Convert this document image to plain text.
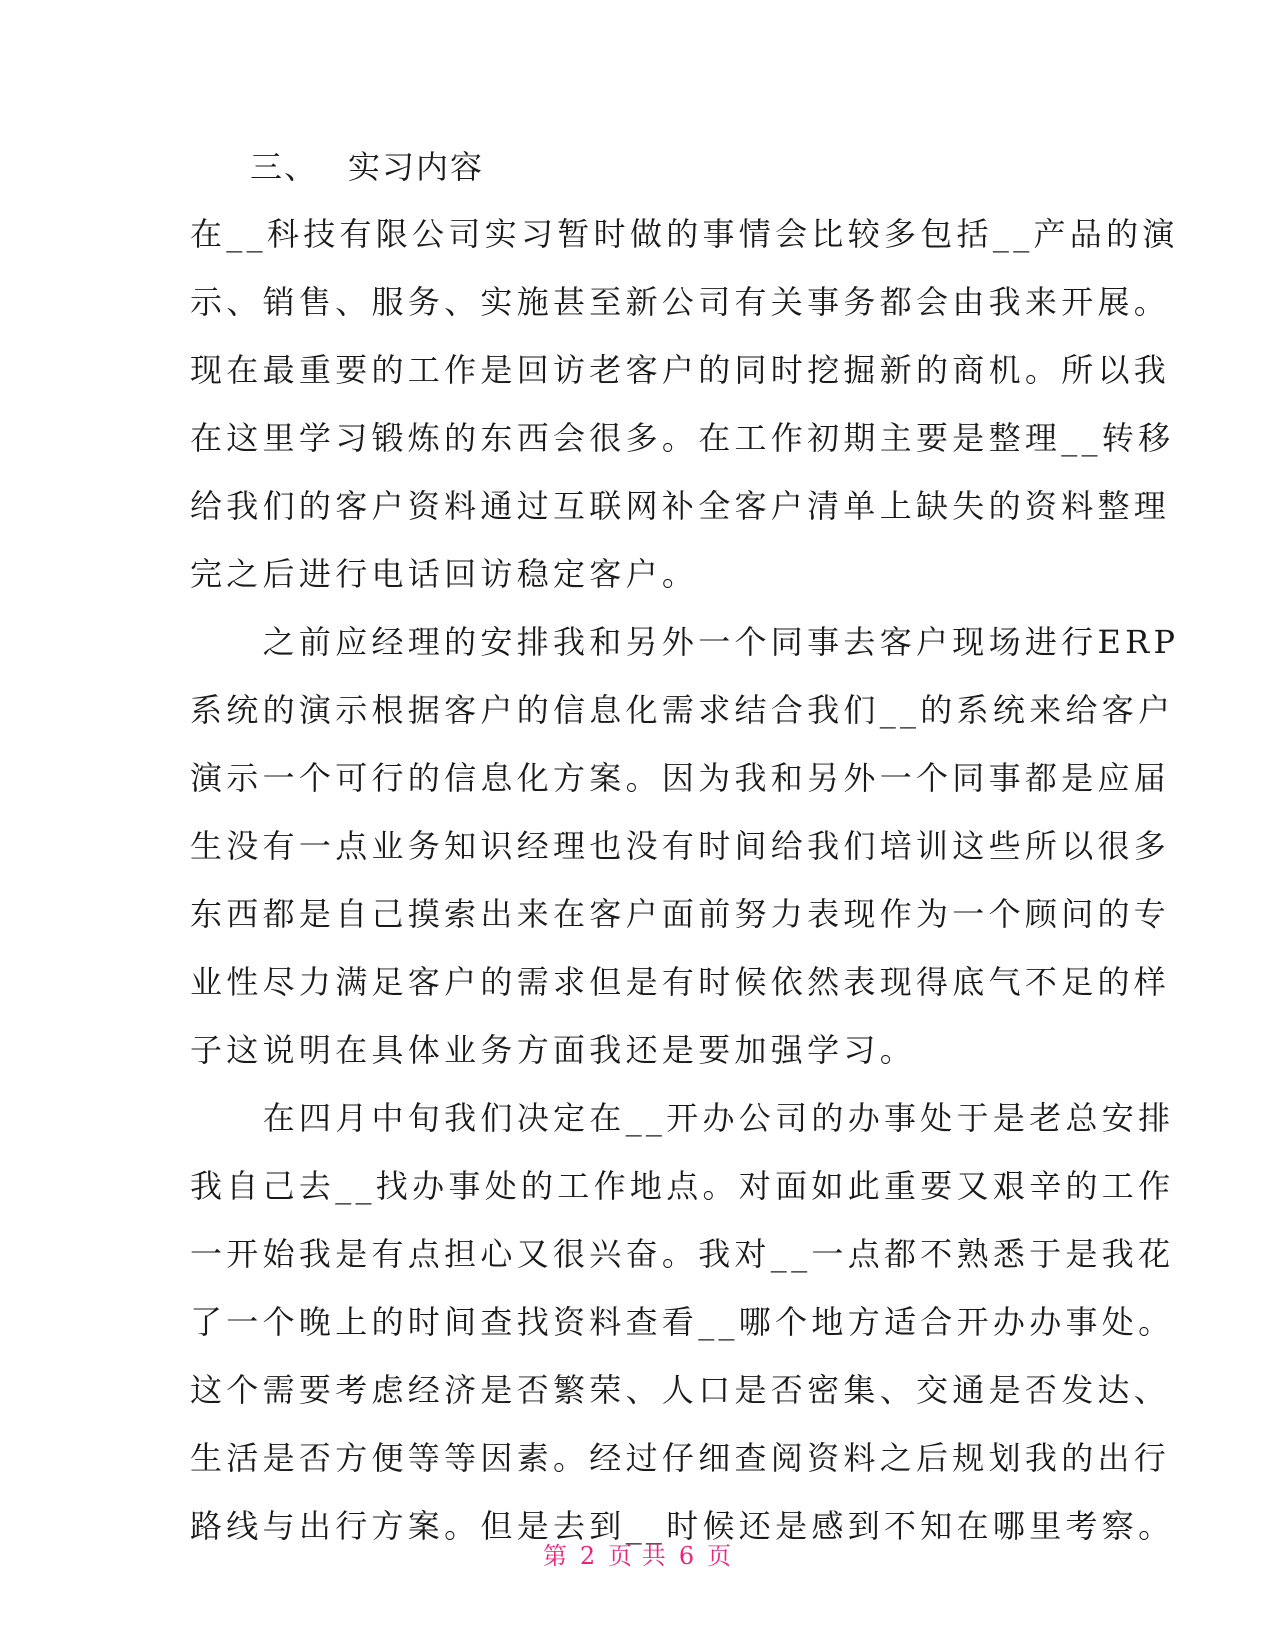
三、 实习内容
在__科技有限公司实习暂时做的事情会比较多包括__产品的演
示、销售、服务、实施甚至新公司有关事务都会由我来开展。
现在最重要的工作是回访老客户的同时挖掘新的商机。所以我
在这里学习锻炼的东西会很多。在工作初期主要是整理__转移
给我们的客户资料通过互联网补全客户清单上缺失的资料整理
完之后进行电话回访稳定客户。
　　之前应经理的安排我和另外一个同事去客户现场进行ERP
系统的演示根据客户的信息化需求结合我们__的系统来给客户
演示一个可行的信息化方案。因为我和另外一个同事都是应届
生没有一点业务知识经理也没有时间给我们培训这些所以很多
东西都是自己摸索出来在客户面前努力表现作为一个顾问的专
业性尽力满足客户的需求但是有时候依然表现得底气不足的样
子这说明在具体业务方面我还是要加强学习。
　　在四月中旬我们决定在__开办公司的办事处于是老总安排
我自己去__找办事处的工作地点。对面如此重要又艰辛的工作
一开始我是有点担心又很兴奋。我对__一点都不熟悉于是我花
了一个晚上的时间查找资料查看__哪个地方适合开办办事处。
这个需要考虑经济是否繁荣、人口是否密集、交通是否发达、
生活是否方便等等因素。经过仔细查阅资料之后规划我的出行
路线与出行方案。但是去到__时候还是感到不知在哪里考察。
第 2 页 共 6 页
